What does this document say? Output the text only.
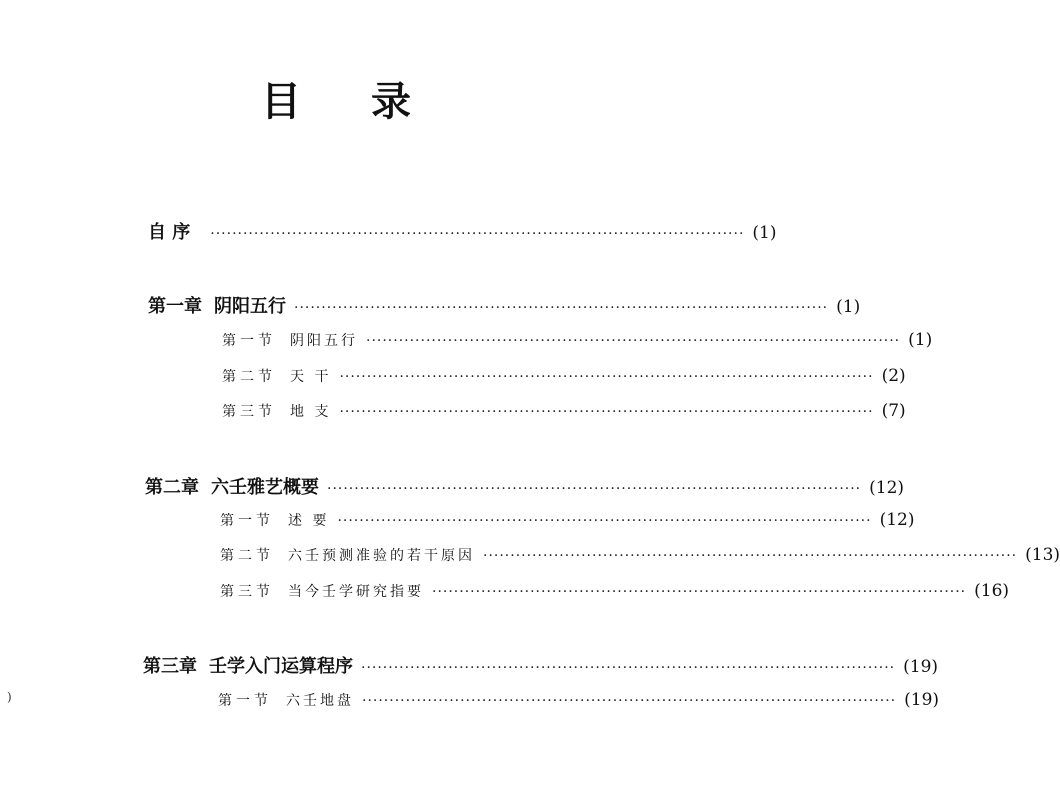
目 录
自 序	·································································································· (1)
第一章 阴阳五行 ·································································································· (1)
第一节 阴阳五行 ·································································································· (1)
第二节 天 干 ·································································································· (2)
第三节 地 支 ·································································································· (7)
第二章 六壬雅艺概要 ·································································································· (12)
第一节 述 要 ·································································································· (12)
第二节 六壬预测准验的若干原因 ·································································································· (13)
第三节 当今壬学研究指要 ·································································································· (16)
第三章 壬学入门运算程序 ·································································································· (19)
第一节 六壬地盘 ·································································································· (19)
)
